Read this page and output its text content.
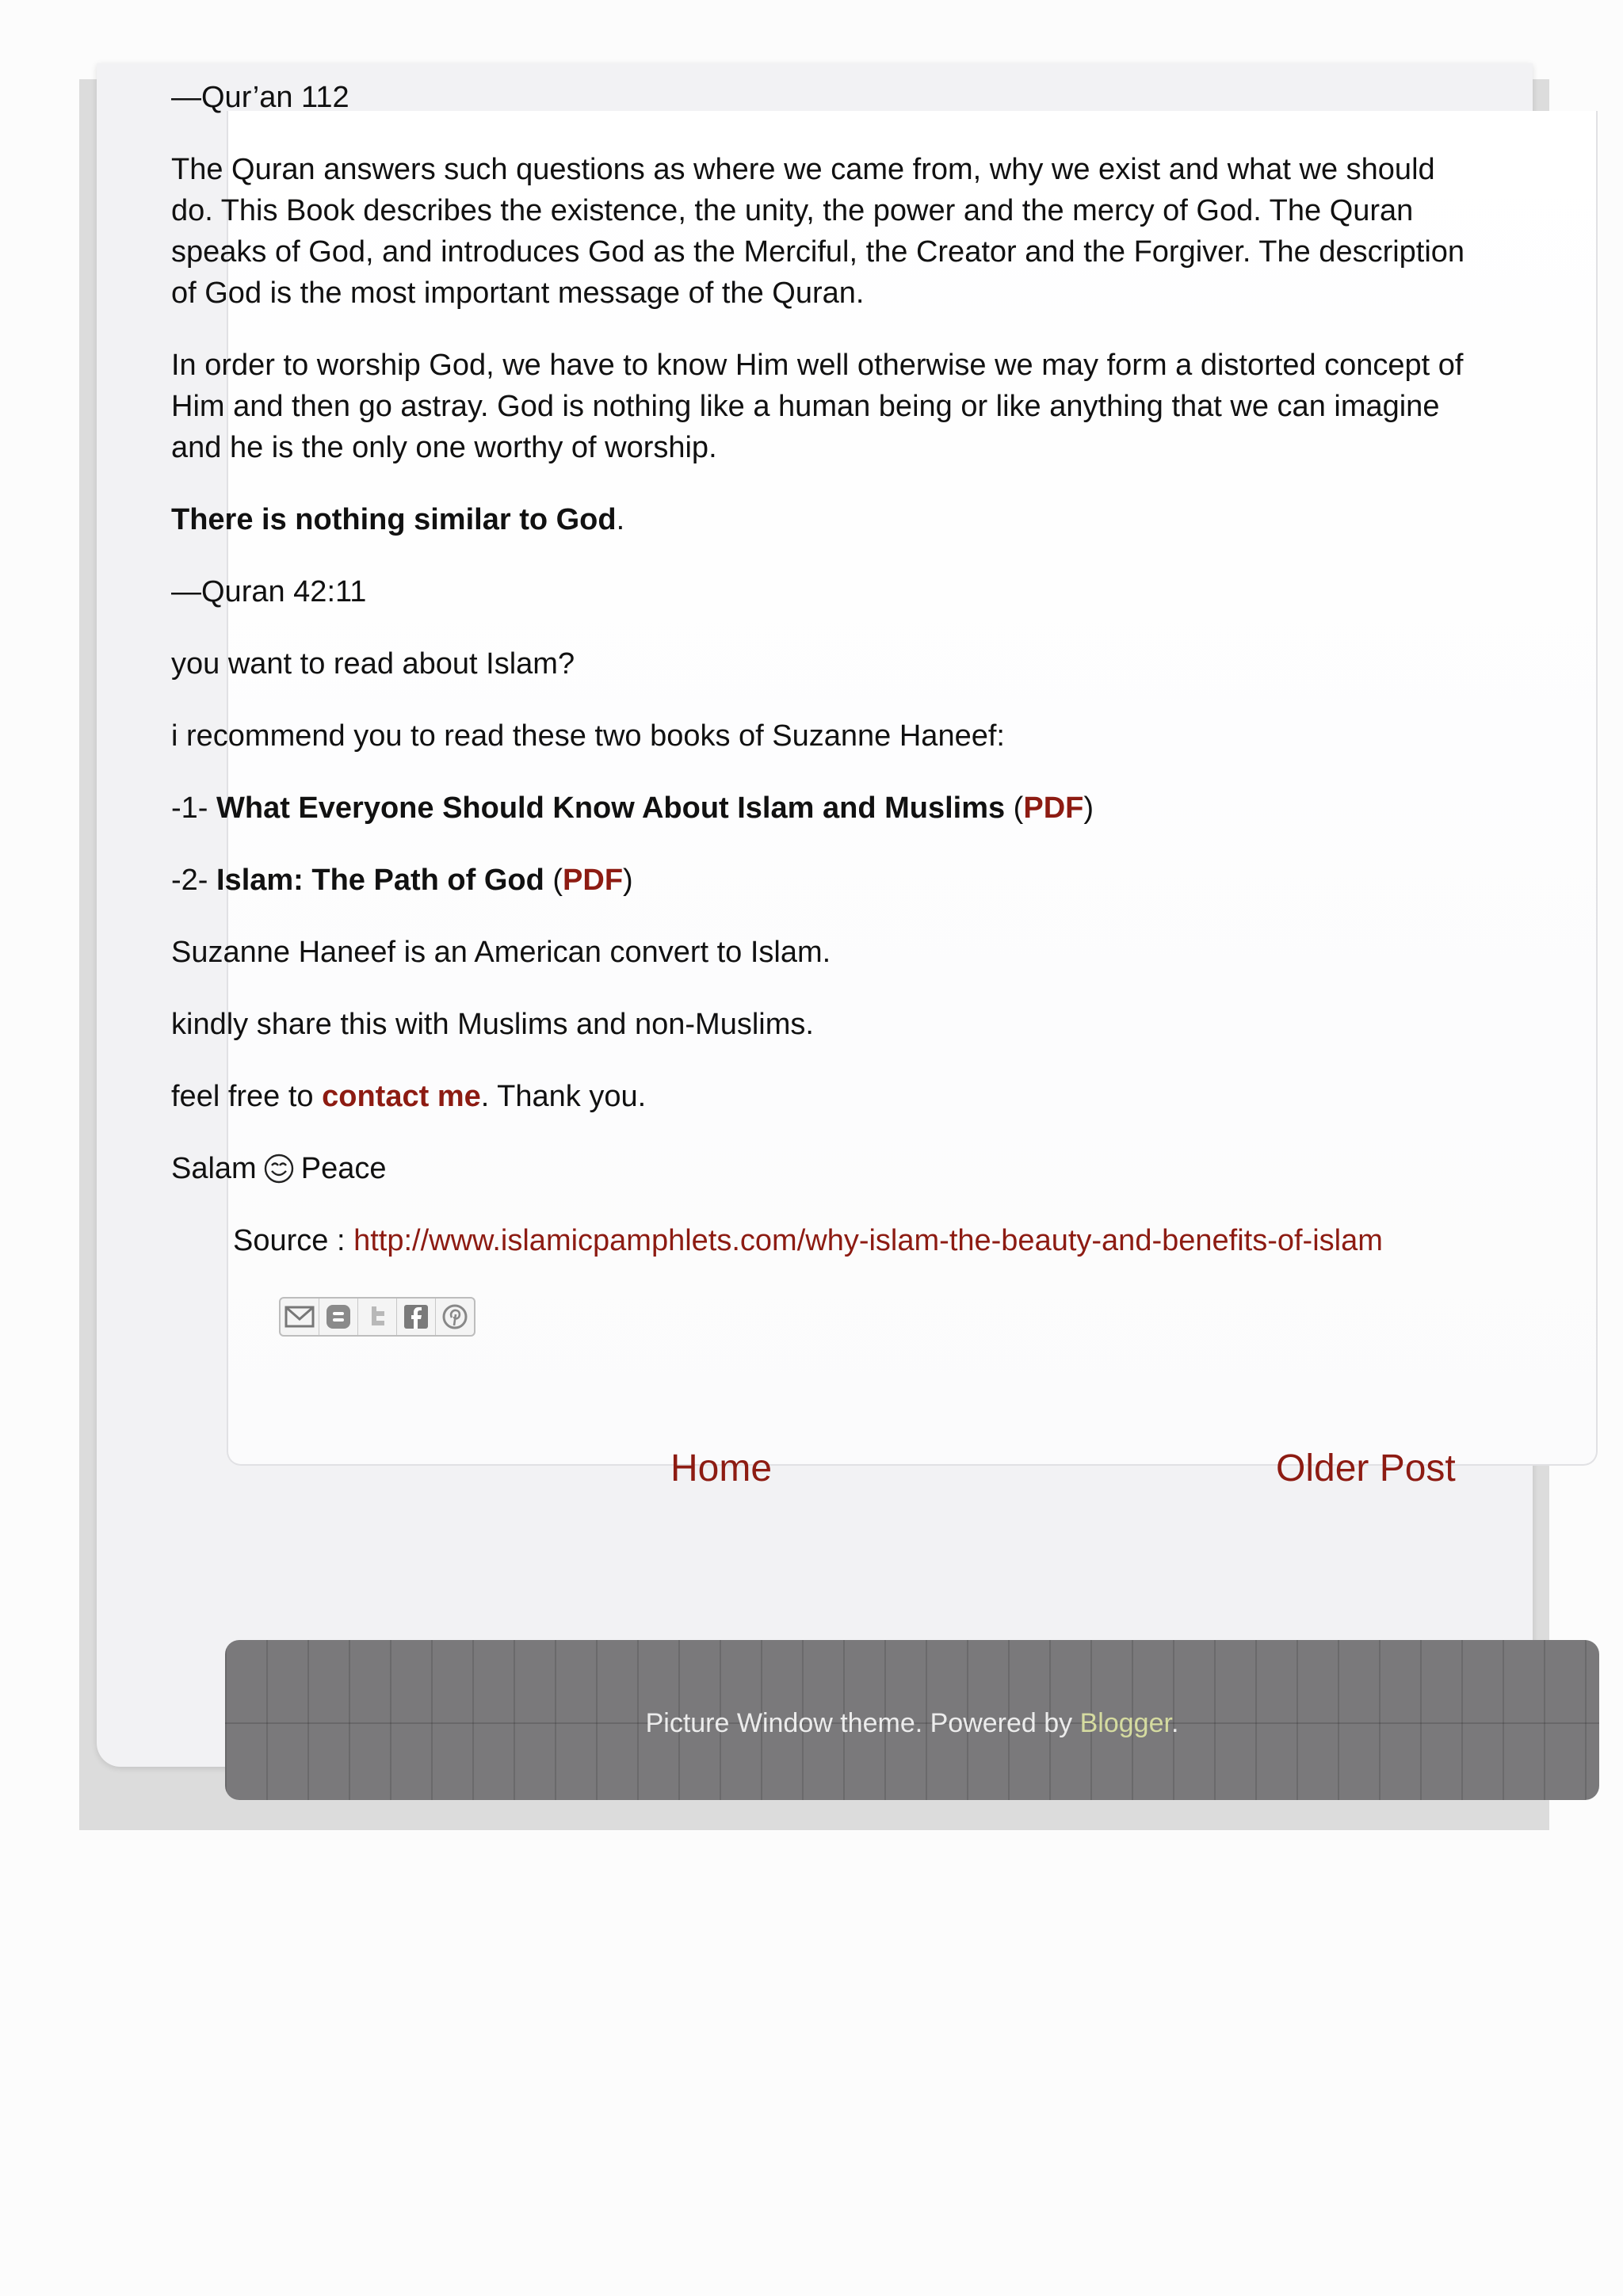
Picture Window theme. Powered by Blogger.

—Qur’an 112

The Quran answers such questions as where we came from, why we exist and what we should do. This Book describes the existence, the unity, the power and the mercy of God. The Quran speaks of God, and introduces God as the Merciful, the Creator and the Forgiver. The description of God is the most important message of the Quran.

In order to worship God, we have to know Him well otherwise we may form a distorted concept of Him and then go astray. God is nothing like a human being or like anything that we can imagine and he is the only one worthy of worship.

There is nothing similar to God.

—Quran 42:11

you want to read about Islam?

i recommend you to read these two books of Suzanne Haneef:

-1- What Everyone Should Know About Islam and Muslims (PDF)

-2- Islam: The Path of God (PDF)

Suzanne Haneef is an American convert to Islam.

kindly share this with Muslims and non-Muslims.

feel free to contact me. Thank you.

Salam Peace

Source : http://www.islamicpamphlets.com/why-islam-the-beauty-and-benefits-of-islam

Home	Older Post
